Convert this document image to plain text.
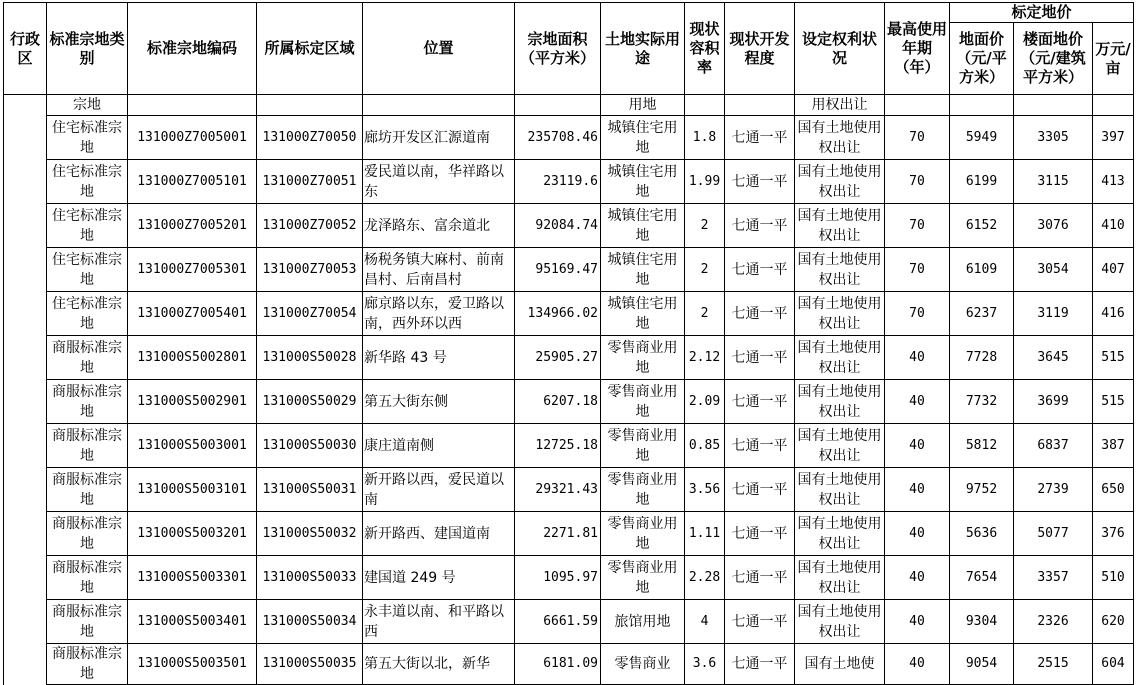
行政区	标准宗地类别	标准宗地编码	所属标定区域	位置	宗地面积（平方米）	土地实际用途	现状容积率	现状开发程度	设定权利状况	最高使用年期（年）	标定地价		
											地面价（元/平方米）	楼面地价（元/建筑平方米）	万元/亩
	宗地					用地			用权出让				
	住宅标准宗地	131000Z7005001	131000Z70050	廊坊开发区汇源道南	235708.46	城镇住宅用地	1.8	七通一平	国有土地使用权出让	70	5949	3305	397
	住宅标准宗地	131000Z7005101	131000Z70051	爱民道以南，华祥路以东	23119.6	城镇住宅用地	1.99	七通一平	国有土地使用权出让	70	6199	3115	413
	住宅标准宗地	131000Z7005201	131000Z70052	龙泽路东、富余道北	92084.74	城镇住宅用地	2	七通一平	国有土地使用权出让	70	6152	3076	410
	住宅标准宗地	131000Z7005301	131000Z70053	杨税务镇大麻村、前南昌村、后南昌村	95169.47	城镇住宅用地	2	七通一平	国有土地使用权出让	70	6109	3054	407
	住宅标准宗地	131000Z7005401	131000Z70054	廊京路以东，爱卫路以南，西外环以西	134966.02	城镇住宅用地	2	七通一平	国有土地使用权出让	70	6237	3119	416
	商服标准宗地	131000S5002801	131000S50028	新华路 43 号	25905.27	零售商业用地	2.12	七通一平	国有土地使用权出让	40	7728	3645	515
	商服标准宗地	131000S5002901	131000S50029	第五大街东侧	6207.18	零售商业用地	2.09	七通一平	国有土地使用权出让	40	7732	3699	515
	商服标准宗地	131000S5003001	131000S50030	康庄道南侧	12725.18	零售商业用地	0.85	七通一平	国有土地使用权出让	40	5812	6837	387
	商服标准宗地	131000S5003101	131000S50031	新开路以西，爱民道以南	29321.43	零售商业用地	3.56	七通一平	国有土地使用权出让	40	9752	2739	650
	商服标准宗地	131000S5003201	131000S50032	新开路西、建国道南	2271.81	零售商业用地	1.11	七通一平	国有土地使用权出让	40	5636	5077	376
	商服标准宗地	131000S5003301	131000S50033	建国道 249 号	1095.97	零售商业用地	2.28	七通一平	国有土地使用权出让	40	7654	3357	510
	商服标准宗地	131000S5003401	131000S50034	永丰道以南、和平路以西	6661.59	旅馆用地	4	七通一平	国有土地使用权出让	40	9304	2326	620
	商服标准宗地	131000S5003501	131000S50035	第五大街以北，新华	6181.09	零售商业	3.6	七通一平	国有土地使	40	9054	2515	604
